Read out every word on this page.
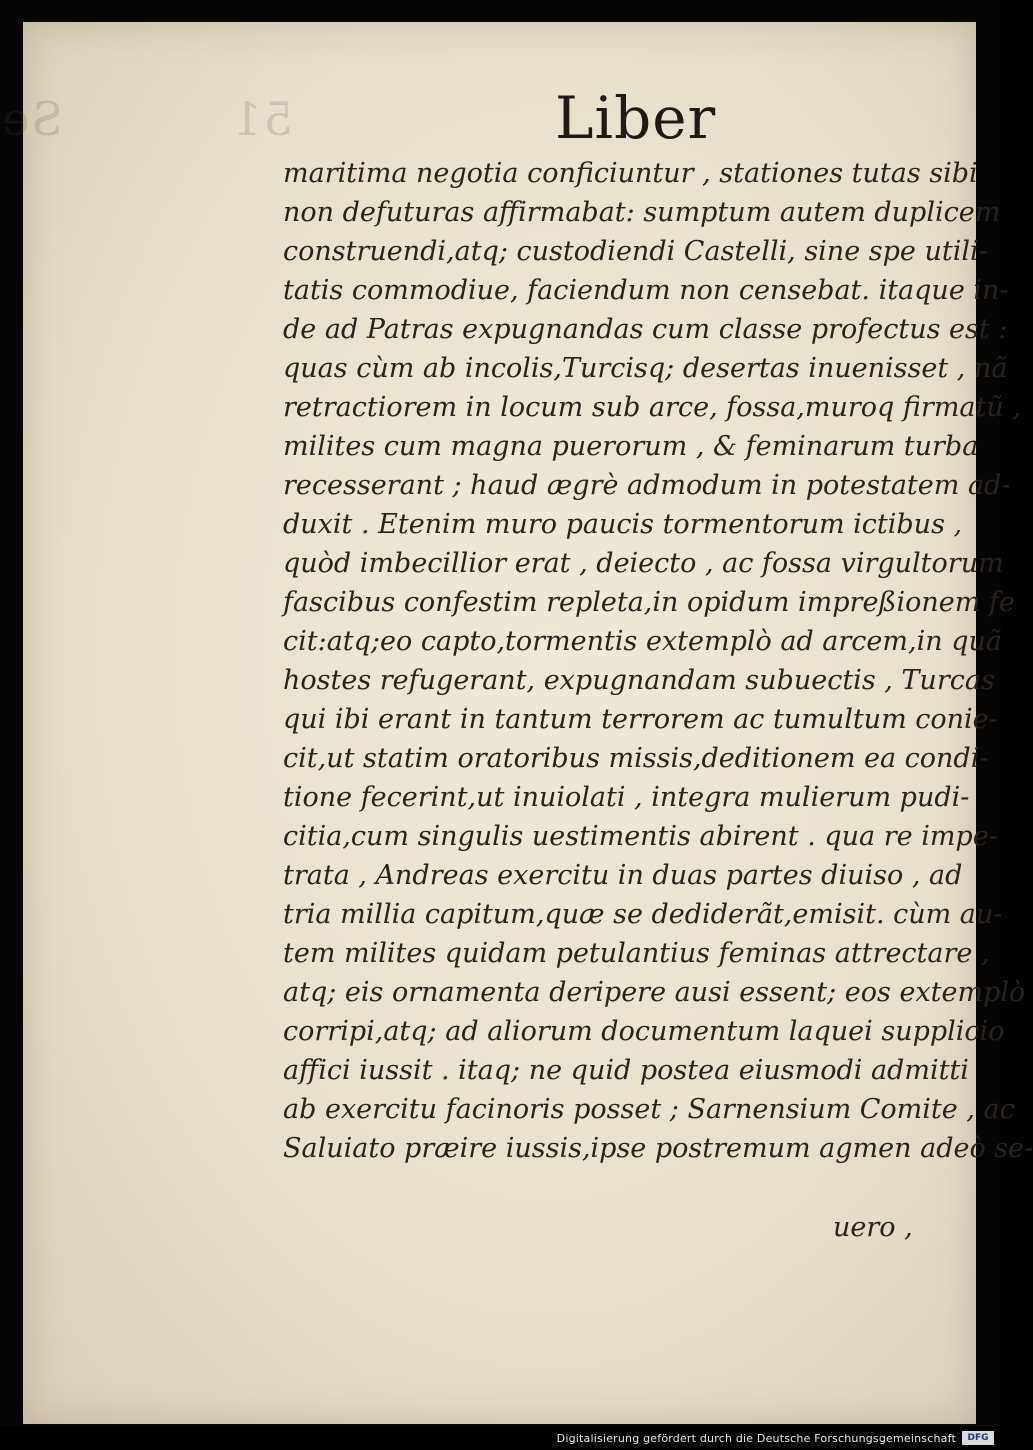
Se	51	Liber
maritima negotia conficiuntur , stationes tutas sibi
non defuturas affirmabat: sumptum autem duplicem
construendi,atq; custodiendi Castelli, sine spe utili-
tatis commodiue, faciendum non censebat. itaque in-
de ad Patras expugnandas cum classe profectus est :
quas cùm ab incolis,Turcisq; desertas inuenisset , nã
retractiorem in locum sub arce, fossa,muroq firmatũ ,
milites cum magna puerorum , & feminarum turba
recesserant ; haud ægrè admodum in potestatem ad-
duxit . Etenim muro paucis tormentorum ictibus ,
quòd imbecillior erat , deiecto , ac fossa virgultorum
fascibus confestim repleta,in opidum impreßionem fe
cit:atq;eo capto,tormentis extemplò ad arcem,in quã
hostes refugerant, expugnandam subuectis , Turcas
qui ibi erant in tantum terrorem ac tumultum conie-
cit,ut statim oratoribus missis,deditionem ea condi-
tione fecerint,ut inuiolati , integra mulierum pudi-
citia,cum singulis uestimentis abirent . qua re impe-
trata , Andreas exercitu in duas partes diuiso , ad
tria millia capitum,quæ se dediderãt,emisit. cùm au-
tem milites quidam petulantius feminas attrectare ,
atq; eis ornamenta deripere ausi essent; eos extemplò
corripi,atq; ad aliorum documentum laquei supplicio
affici iussit . itaq; ne quid postea eiusmodi admitti
ab exercitu facinoris posset ; Sarnensium Comite , ac
Saluiato præire iussis,ipse postremum agmen adeò se-
uero ,
Digitalisierung gefördert durch die Deutsche Forschungsgemeinschaft	DFG
